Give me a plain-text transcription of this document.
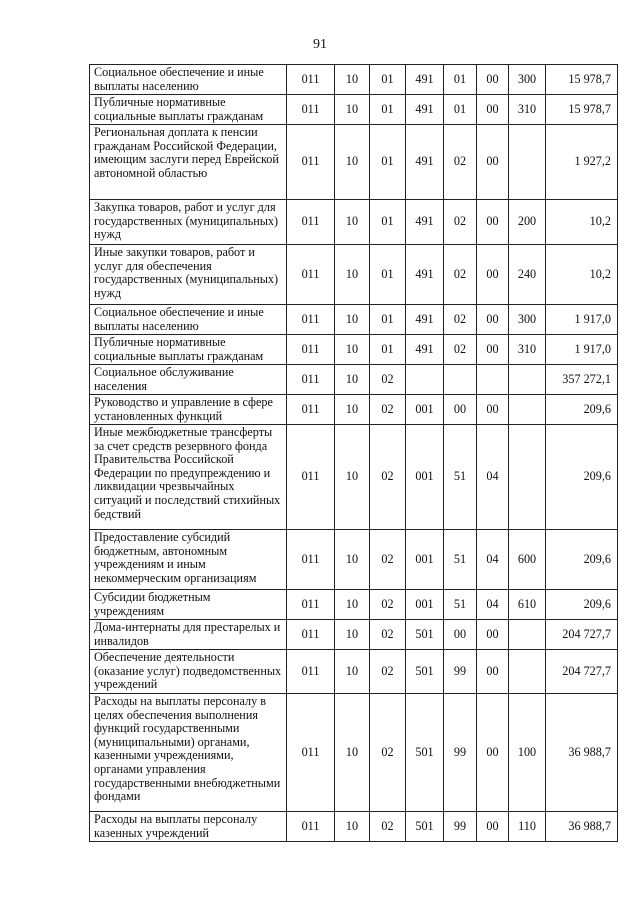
91
Социальное обеспечение и иные выплаты населению	011	10	01	491	01	00	300	15 978,7
Публичные нормативные социальные выплаты гражданам	011	10	01	491	01	00	310	15 978,7
Региональная доплата к пенсии гражданам Российской Федерации, имеющим заслуги перед Еврейской автономной областью	011	10	01	491	02	00		1 927,2
Закупка товаров, работ и услуг для государственных (муниципальных) нужд	011	10	01	491	02	00	200	10,2
Иные закупки товаров, работ и услуг для обеспечения государственных (муниципальных) нужд	011	10	01	491	02	00	240	10,2
Социальное обеспечение и иные выплаты населению	011	10	01	491	02	00	300	1 917,0
Публичные нормативные социальные выплаты гражданам	011	10	01	491	02	00	310	1 917,0
Социальное обслуживание населения	011	10	02					357 272,1
Руководство и управление в сфере установленных функций	011	10	02	001	00	00		209,6
Иные межбюджетные трансферты за счет средств резервного фонда Правительства Российской Федерации по предупреждению и ликвидации чрезвычайных ситуаций и последствий стихийных бедствий	011	10	02	001	51	04		209,6
Предоставление субсидий бюджетным, автономным учреждениям и иным некоммерческим организациям	011	10	02	001	51	04	600	209,6
Субсидии бюджетным учреждениям	011	10	02	001	51	04	610	209,6
Дома-интернаты для престарелых и инвалидов	011	10	02	501	00	00		204 727,7
Обеспечение деятельности (оказание услуг) подведомственных учреждений	011	10	02	501	99	00		204 727,7
Расходы на выплаты персоналу в целях обеспечения выполнения функций государственными (муниципальными) органами, казенными учреждениями, органами управления государственными внебюджетными фондами	011	10	02	501	99	00	100	36 988,7
Расходы на выплаты персоналу казенных учреждений	011	10	02	501	99	00	110	36 988,7
